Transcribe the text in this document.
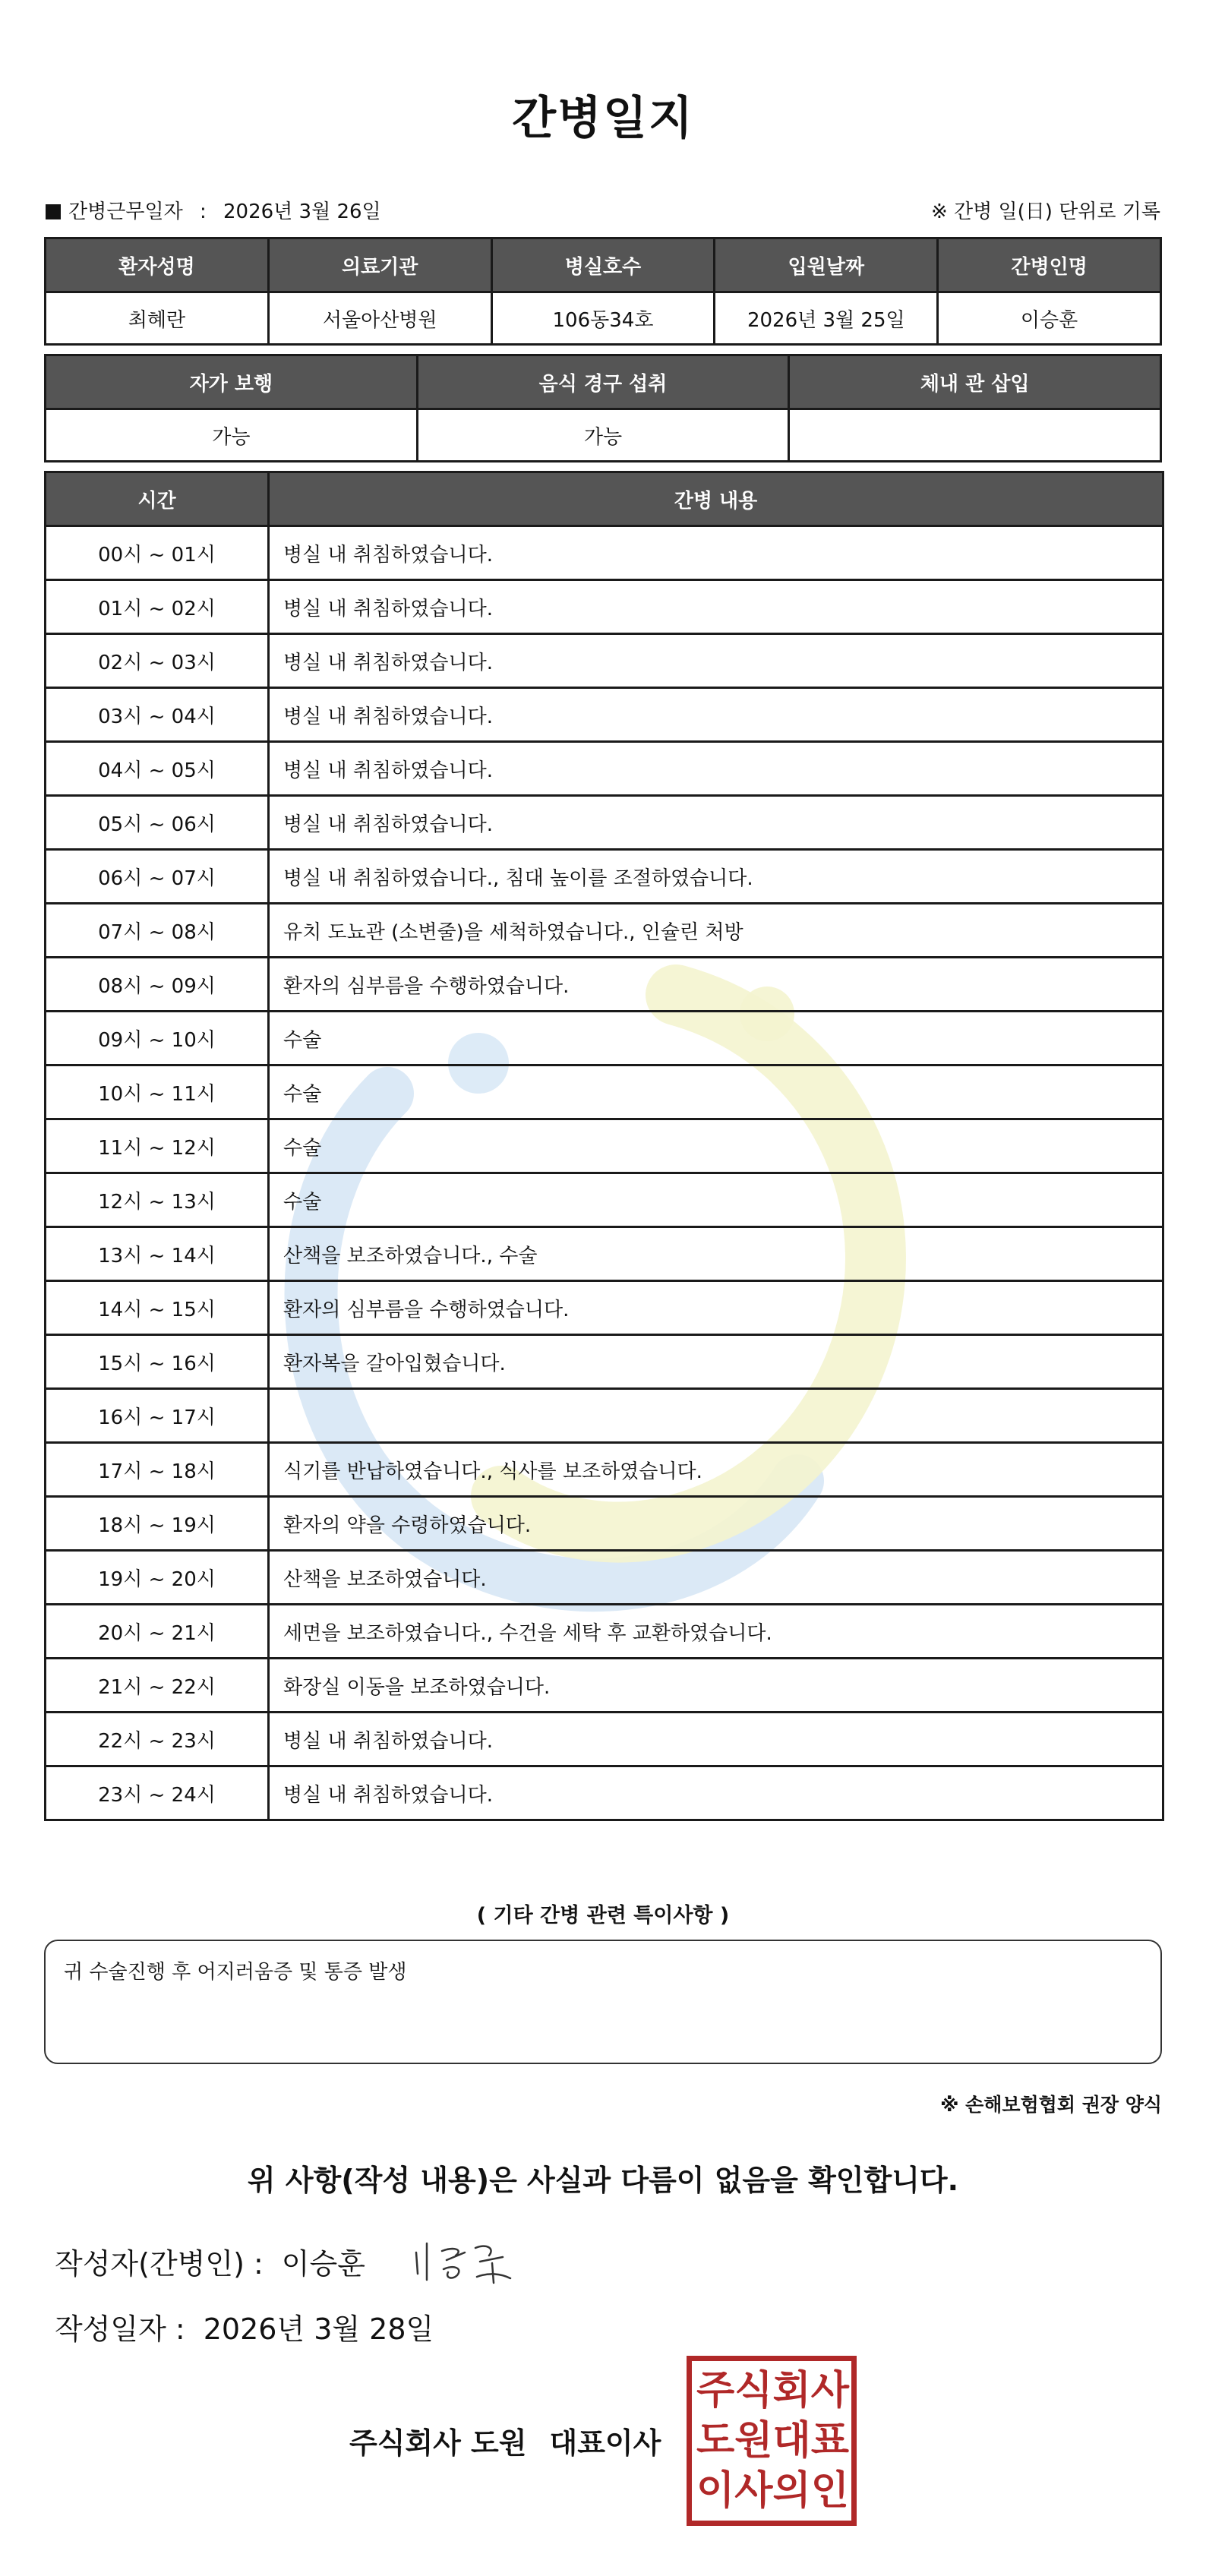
간병일지
간병근무일자 : 2026년 3월 26일	※ 간병 일(日) 단위로 기록
환자성명	의료기관	병실호수	입원날짜	간병인명
최혜란	서울아산병원	106동34호	2026년 3월 25일	이승훈
자가 보행	음식 경구 섭취	체내 관 삽입
가능	가능	
시간	간병 내용
00시 ~ 01시	병실 내 취침하였습니다.
01시 ~ 02시	병실 내 취침하였습니다.
02시 ~ 03시	병실 내 취침하였습니다.
03시 ~ 04시	병실 내 취침하였습니다.
04시 ~ 05시	병실 내 취침하였습니다.
05시 ~ 06시	병실 내 취침하였습니다.
06시 ~ 07시	병실 내 취침하였습니다., 침대 높이를 조절하였습니다.
07시 ~ 08시	유치 도뇨관 (소변줄)을 세척하였습니다., 인슐린 처방
08시 ~ 09시	환자의 심부름을 수행하였습니다.
09시 ~ 10시	수술
10시 ~ 11시	수술
11시 ~ 12시	수술
12시 ~ 13시	수술
13시 ~ 14시	산책을 보조하였습니다., 수술
14시 ~ 15시	환자의 심부름을 수행하였습니다.
15시 ~ 16시	환자복을 갈아입혔습니다.
16시 ~ 17시	
17시 ~ 18시	식기를 반납하였습니다., 식사를 보조하였습니다.
18시 ~ 19시	환자의 약을 수령하였습니다.
19시 ~ 20시	산책을 보조하였습니다.
20시 ~ 21시	세면을 보조하였습니다., 수건을 세탁 후 교환하였습니다.
21시 ~ 22시	화장실 이동을 보조하였습니다.
22시 ~ 23시	병실 내 취침하였습니다.
23시 ~ 24시	병실 내 취침하였습니다.
( 기타 간병 관련 특이사항 )
귀 수술진행 후 어지러움증 및 통증 발생
※ 손해보험협회 권장 양식
위 사항(작성 내용)은 사실과 다름이 없음을 확인합니다.
작성자(간병인) : 이승훈
작성일자 : 2026년 3월 28일
주식회사 도원 대표이사
주 식 회 사
도 원 대 표
이 사 의 인
